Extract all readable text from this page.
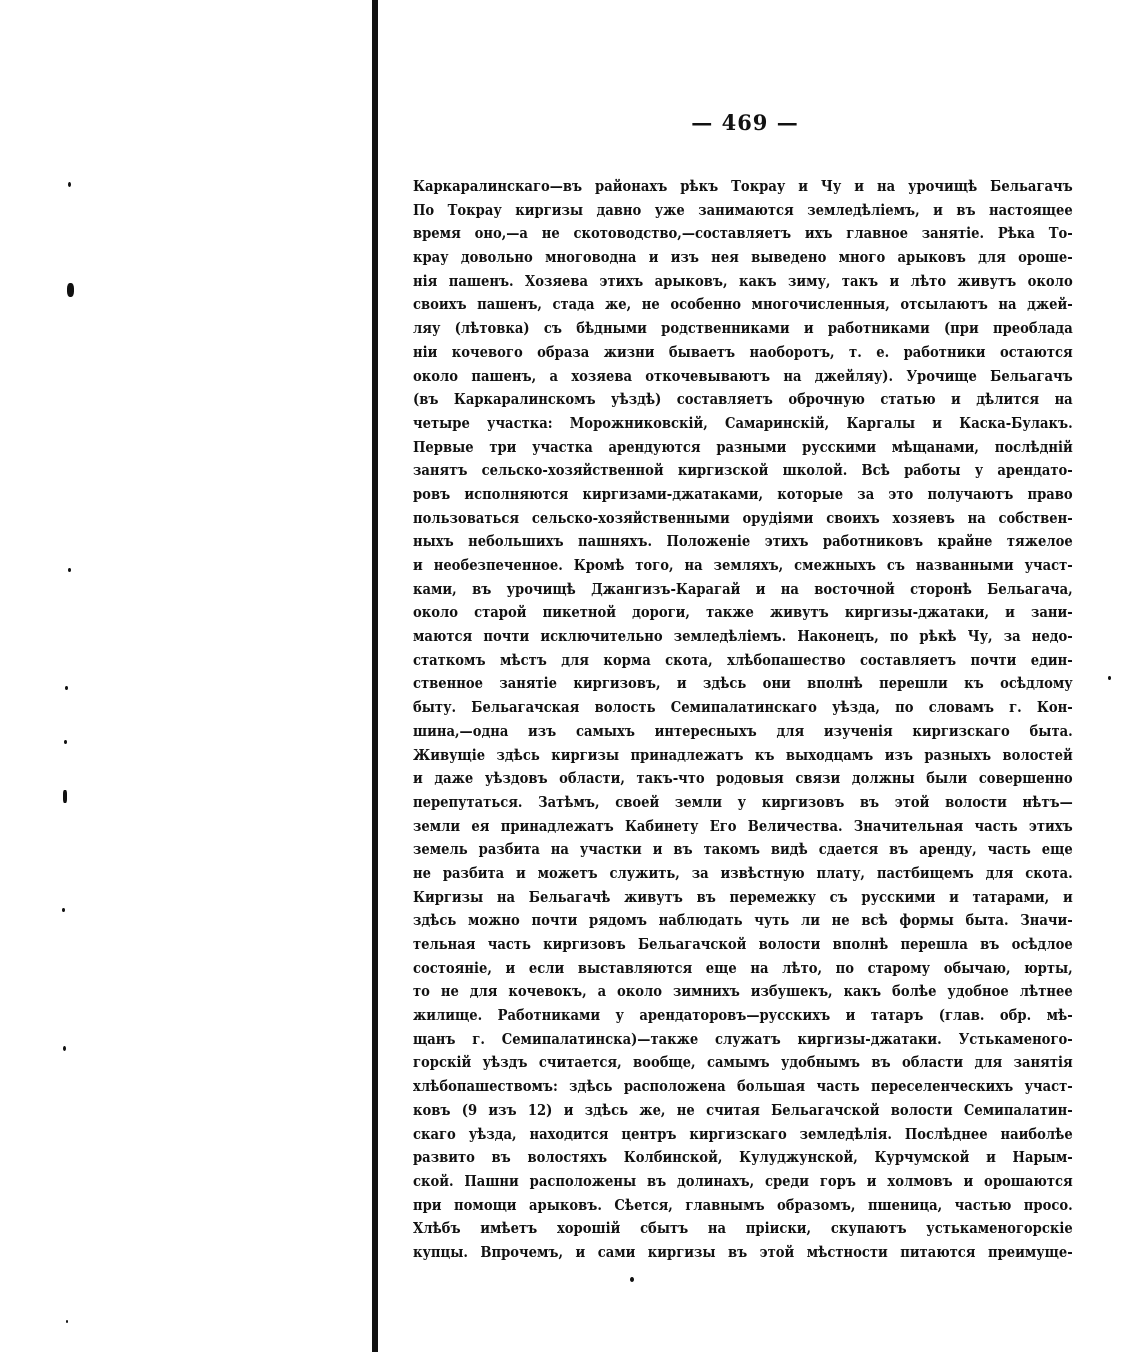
— 469 —
Каркаралинскаго—въ районахъ рѣкъ Токрау и Чу и на урочищѣ Бельагачъ
По Токрау киргизы давно уже занимаются земледѣліемъ, и въ настоящее
время оно,—а не скотоводство,—составляетъ ихъ главное занятіе. Рѣка То-
крау довольно многоводна и изъ нея выведено много арыковъ для ороше-
нія пашенъ. Хозяева этихъ арыковъ, какъ зиму, такъ и лѣто живутъ около
своихъ пашенъ, стада же, не особенно многочисленныя, отсылаютъ на джей-
ляу (лѣтовка) съ бѣдными родственниками и работниками (при преоблада
ніи кочевого образа жизни бываетъ наоборотъ, т. е. работники остаются
около пашенъ, а хозяева откочевываютъ на джейляу). Урочище Бельагачъ
(въ Каркаралинскомъ уѣздѣ) составляетъ оброчную статью и дѣлится на
четыре участка: Морожниковскій, Самаринскій, Каргалы и Каска-Булакъ.
Первые три участка арендуются разными русскими мѣщанами, послѣдній
занятъ сельско-хозяйственной киргизской школой. Всѣ работы у арендато-
ровъ исполняются киргизами-джатаками, которые за это получаютъ право
пользоваться сельско-хозяйственными орудіями своихъ хозяевъ на собствен-
ныхъ небольшихъ пашняхъ. Положеніе этихъ работниковъ крайне тяжелое
и необезпеченное. Кромѣ того, на земляхъ, смежныхъ съ названными участ-
ками, въ урочищѣ Джангизъ-Карагай и на восточной сторонѣ Бельагача,
около старой пикетной дороги, также живутъ киргизы-джатаки, и зани-
маются почти исключительно земледѣліемъ. Наконецъ, по рѣкѣ Чу, за недо-
статкомъ мѣстъ для корма скота, хлѣбопашество составляетъ почти един-
ственное занятіе киргизовъ, и здѣсь они вполнѣ перешли къ осѣдлому
быту. Бельагачская волость Семипалатинскаго уѣзда, по словамъ г. Кон-
шина,—одна изъ самыхъ интересныхъ для изученія киргизскаго быта.
Живущіе здѣсь киргизы принадлежатъ къ выходцамъ изъ разныхъ волостей
и даже уѣздовъ области, такъ-что родовыя связи должны были совершенно
перепутаться. Затѣмъ, своей земли у киргизовъ въ этой волости нѣтъ—
земли ея принадлежатъ Кабинету Его Величества. Значительная часть этихъ
земель разбита на участки и въ такомъ видѣ сдается въ аренду, часть еще
не разбита и можетъ служить, за извѣстную плату, пастбищемъ для скота.
Киргизы на Бельагачѣ живутъ въ перемежку съ русскими и татарами, и
здѣсь можно почти рядомъ наблюдать чуть ли не всѣ формы быта. Значи-
тельная часть киргизовъ Бельагачской волости вполнѣ перешла въ осѣдлое
состояніе, и если выставляются еще на лѣто, по старому обычаю, юрты,
то не для кочевокъ, а около зимнихъ избушекъ, какъ болѣе удобное лѣтнее
жилище. Работниками у арендаторовъ—русскихъ и татаръ (глав. обр. мѣ-
щанъ г. Семипалатинска)—также служатъ киргизы-джатаки. Устькаменого-
горскій уѣздъ считается, вообще, самымъ удобнымъ въ области для занятія
хлѣбопашествомъ: здѣсь расположена большая часть переселенческихъ участ-
ковъ (9 изъ 12) и здѣсь же, не считая Бельагачской волости Семипалатин-
скаго уѣзда, находится центръ киргизскаго земледѣлія. Послѣднее наиболѣе
развито въ волостяхъ Колбинской, Кулуджунской, Курчумской и Нарым-
ской. Пашни расположены въ долинахъ, среди горъ и холмовъ и орошаются
при помощи арыковъ. Сѣется, главнымъ образомъ, пшеница, частью просо.
Хлѣбъ имѣетъ хорошій сбытъ на пріиски, скупаютъ устькаменогорскіе
купцы. Впрочемъ, и сами киргизы въ этой мѣстности питаются преимуще-
